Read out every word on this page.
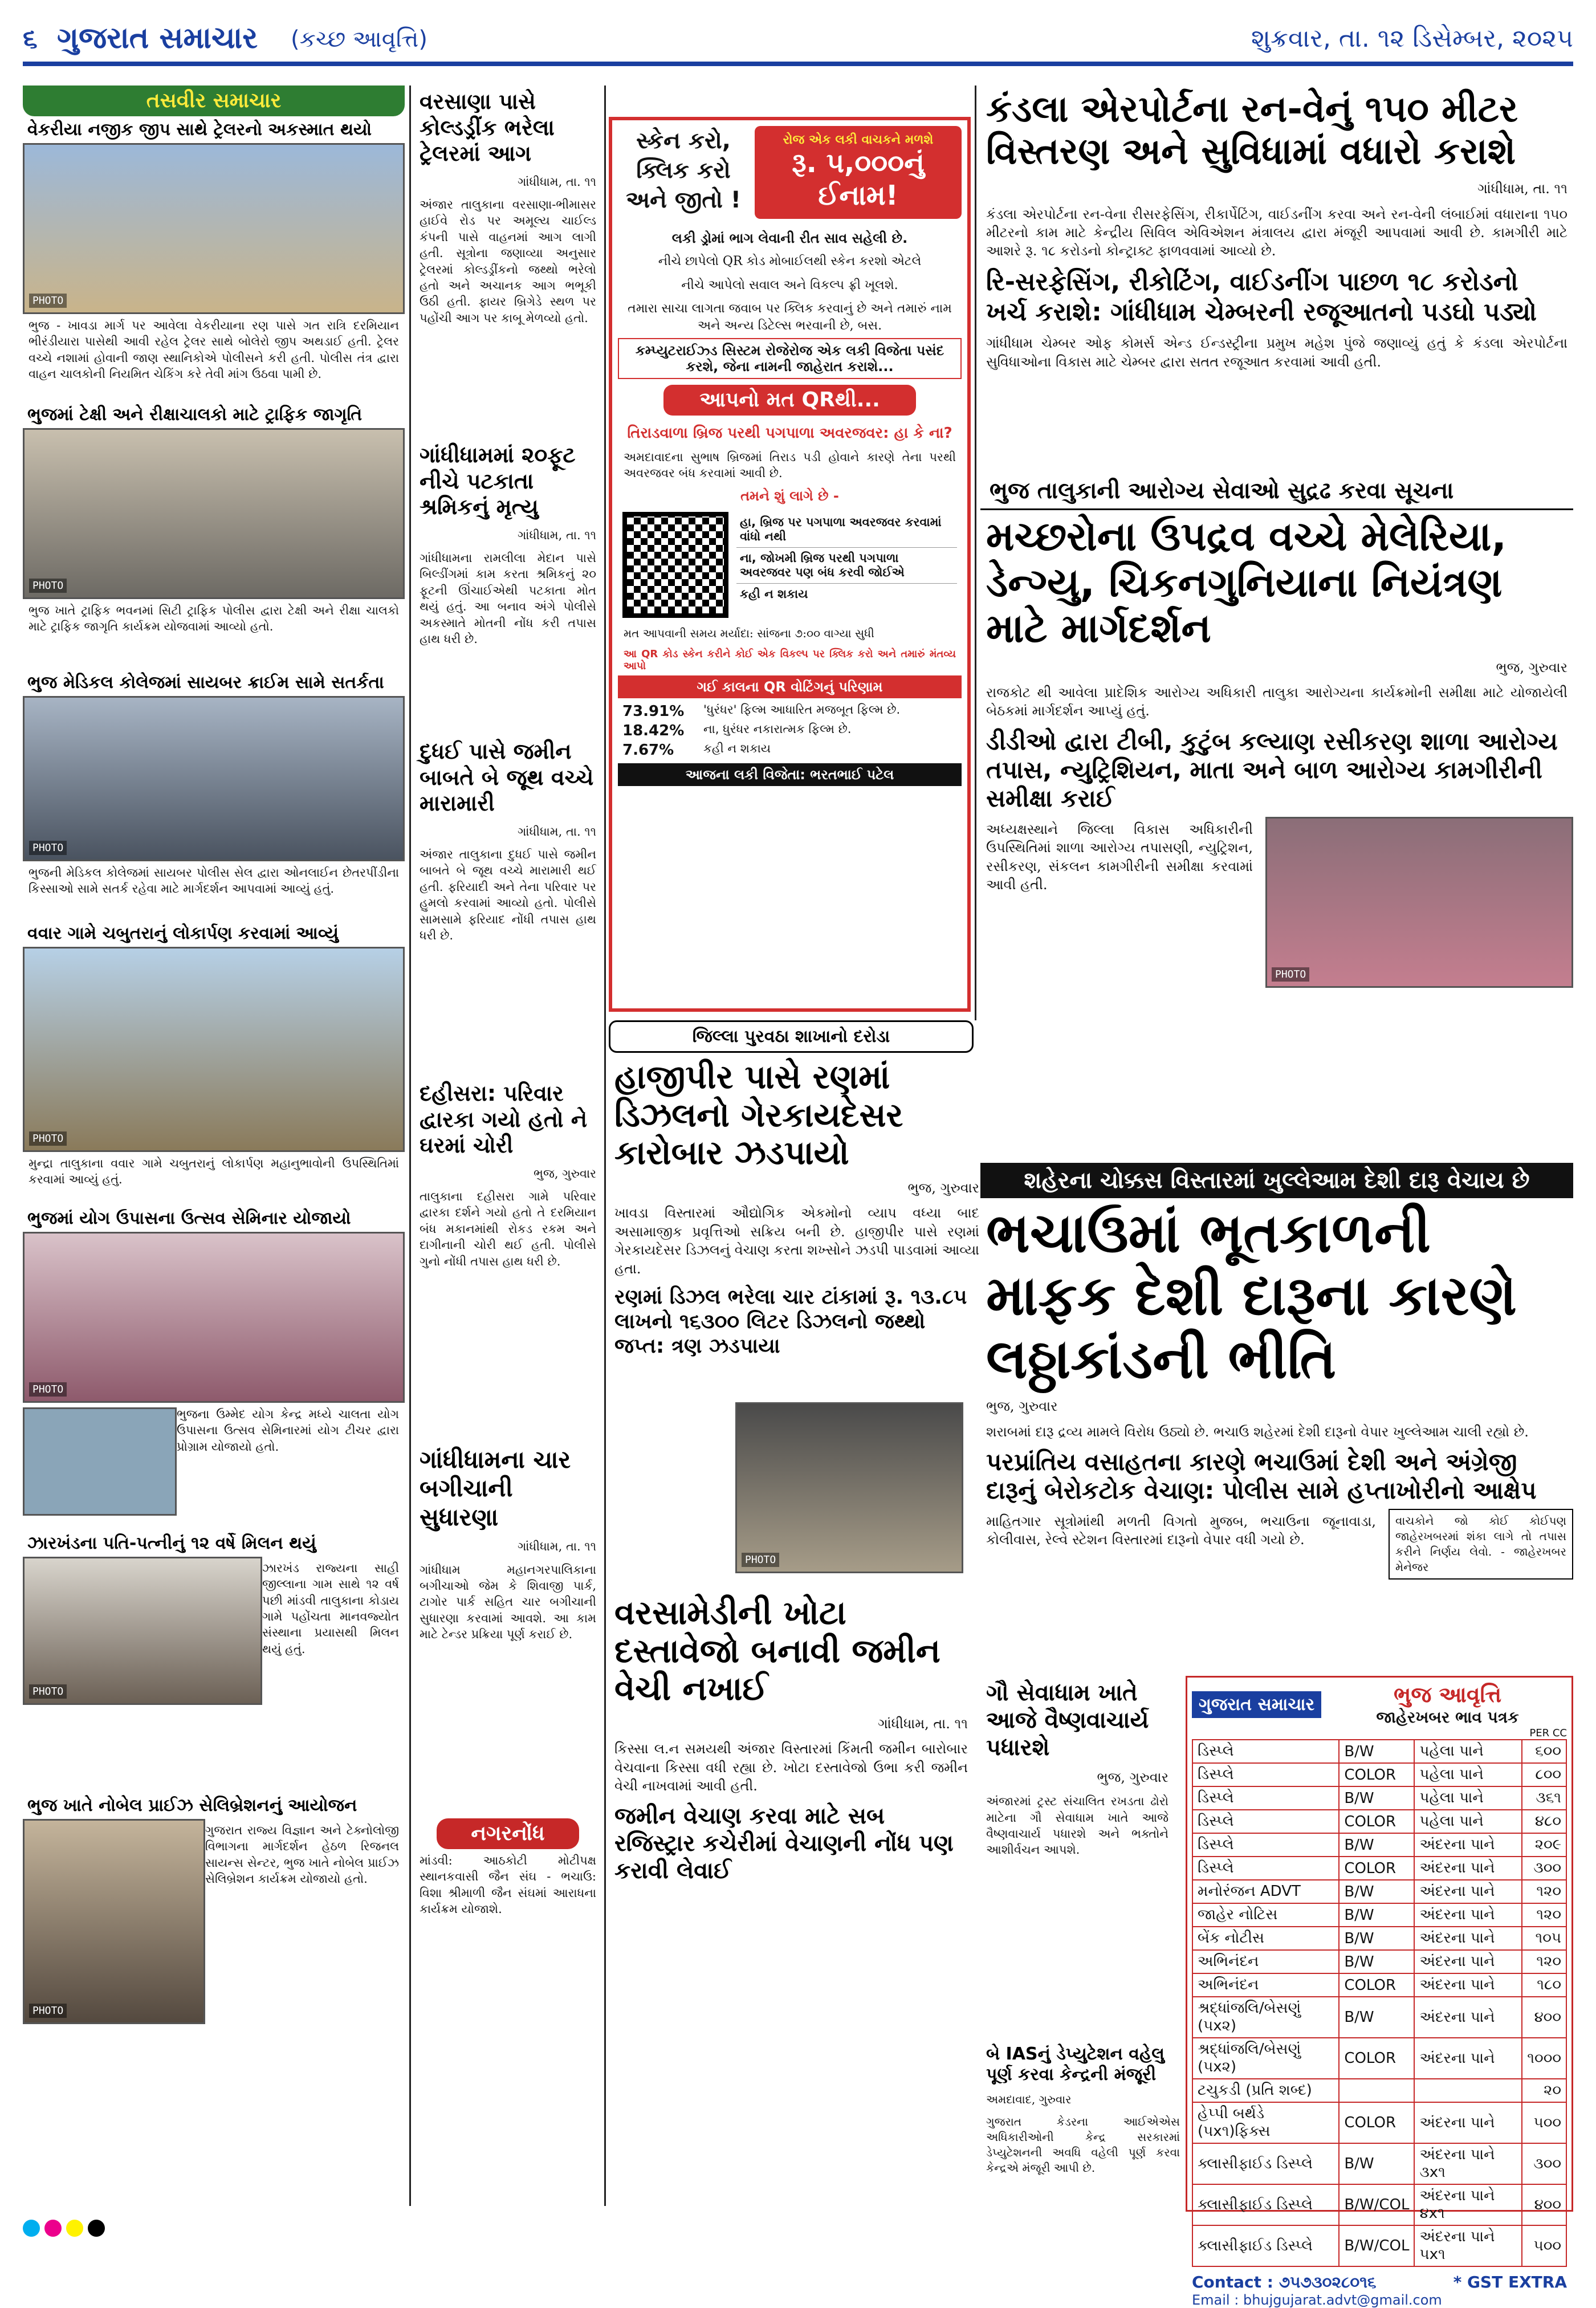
૬ ગુજરાત સમાચાર (કચ્છ આવૃત્તિ)	શુક્રવાર, તા. ૧૨ ડિસેમ્બર, ૨૦૨૫
તસવીર સમાચાર
વેકરીયા નજીક જીપ સાથે ટ્રેલરનો અકસ્માત થયો
PHOTO

ભુજ - ખાવડા માર્ગ પર આવેલા વેકરીયાના રણ પાસે ગત રાત્રિ દરમિયાન ભીરંડીયારા પાસેથી આવી રહેલ ટ્રેલર સાથે બોલેરો જીપ અથડાઈ હતી. ટ્રેલર વચ્ચે નશામાં હોવાની જાણ સ્થાનિકોએ પોલીસને કરી હતી. પોલીસ તંત્ર દ્વારા વાહન ચાલકોની નિયમિત ચેકિંગ કરે તેવી માંગ ઉઠવા પામી છે.

ભુજમાં ટેક્ષી અને રીક્ષાચાલકો માટે ટ્રાફિક જાગૃતિ
PHOTO

ભુજ ખાતે ટ્રાફિક ભવનમાં સિટી ટ્રાફિક પોલીસ દ્વારા ટેક્ષી અને રીક્ષા ચાલકો માટે ટ્રાફિક જાગૃતિ કાર્યક્રમ યોજવામાં આવ્યો હતો.

ભુજ મેડિકલ કોલેજમાં સાયબર ક્રાઈમ સામે સતર્કતા
PHOTO

ભુજની મેડિકલ કોલેજમાં સાયબર પોલીસ સેલ દ્વારા ઓનલાઈન છેતરપીંડીના કિસ્સાઓ સામે સતર્ક રહેવા માટે માર્ગદર્શન આપવામાં આવ્યું હતું.

વવાર ગામે ચબુતરાનું લોકાર્પણ કરવામાં આવ્યું
PHOTO

મુન્દ્રા તાલુકાના વવાર ગામે ચબુતરાનું લોકાર્પણ મહાનુભાવોની ઉપસ્થિતિમાં કરવામાં આવ્યું હતું.

ભુજમાં યોગ ઉપાસના ઉત્સવ સેમિનાર યોજાયો
PHOTO

ભુજના ઉમ્મેદ યોગ કેન્દ્ર મધ્યે ચાલતા યોગ ઉપાસના ઉત્સવ સેમિનારમાં યોગ ટીચર દ્વારા પ્રોગ્રામ યોજાયો હતો.

ઝારખંડના પતિ-પત્નીનું ૧૨ વર્ષે મિલન થયું
PHOTO

ઝારખંડ રાજ્યના સાહી જીલ્લાના ગામ સાથે ૧૨ વર્ષ પછી માંડવી તાલુકાના કોડાય ગામે પહોંચતા માનવજ્યોત સંસ્થાના પ્રયાસથી મિલન થયું હતું.

ભુજ ખાતે નોબેલ પ્રાઈઝ સેલિબ્રેશનનું આયોજન
PHOTO

ગુજરાત રાજ્ય વિજ્ઞાન અને ટેક્નોલોજી વિભાગના માર્ગદર્શન હેઠળ રિજનલ સાયન્સ સેન્ટર, ભુજ ખાતે નોબેલ પ્રાઈઝ સેલિબ્રેશન કાર્યક્રમ યોજાયો હતો.

વરસાણા પાસે કોલ્ડડ્રીંક ભરેલા ટ્રેલરમાં આગ

ગાંધીધામ, તા. ૧૧

અંજાર તાલુકાના વરસાણા-ભીમાસર હાઈવે રોડ પર અમૂલ્ય ચાઈલ્ડ કંપની પાસે વાહનમાં આગ લાગી હતી. સૂત્રોના જણાવ્યા અનુસાર ટ્રેલરમાં કોલ્ડડ્રીંકનો જથ્થો ભરેલો હતો અને અચાનક આગ ભભૂકી ઉઠી હતી. ફાયર બ્રિગેડે સ્થળ પર પહોંચી આગ પર કાબૂ મેળવ્યો હતો.

ગાંધીધામમાં ૨૦ફૂટ નીચે પટકાતા શ્રમિકનું મૃત્યુ

ગાંધીધામ, તા. ૧૧

ગાંધીધામના રામલીલા મેદાન પાસે બિલ્ડીંગમાં કામ કરતા શ્રમિકનું ૨૦ ફૂટની ઊંચાઈએથી પટકાતા મોત થયું હતું. આ બનાવ અંગે પોલીસે અકસ્માતે મોતની નોંધ કરી તપાસ હાથ ધરી છે.

દુધઈ પાસે જમીન બાબતે બે જૂથ વચ્ચે મારામારી

ગાંધીધામ, તા. ૧૧

અંજાર તાલુકાના દુધઈ પાસે જમીન બાબતે બે જૂથ વચ્ચે મારામારી થઈ હતી. ફરિયાદી અને તેના પરિવાર પર હુમલો કરવામાં આવ્યો હતો. પોલીસે સામસામે ફરિયાદ નોંધી તપાસ હાથ ધરી છે.

દહીસરા: પરિવાર દ્વારકા ગયો હતો ને ઘરમાં ચોરી

ભુજ, ગુરુવાર

તાલુકાના દહીસરા ગામે પરિવાર દ્વારકા દર્શને ગયો હતો તે દરમિયાન બંધ મકાનમાંથી રોકડ રકમ અને દાગીનાની ચોરી થઈ હતી. પોલીસે ગુનો નોંધી તપાસ હાથ ધરી છે.

ગાંધીધામના ચાર બગીચાની સુધારણા

ગાંધીધામ, તા. ૧૧

ગાંધીધામ મહાનગરપાલિકાના બગીચાઓ જેમ કે શિવાજી પાર્ક, ટાગોર પાર્ક સહિત ચાર બગીચાની સુધારણા કરવામાં આવશે. આ કામ માટે ટેન્ડર પ્રક્રિયા પૂર્ણ કરાઈ છે.

નગરનોંધ

માંડવી: આઠકોટી મોટીપક્ષ સ્થાનકવાસી જૈન સંઘ - ભચાઉ: વિશા શ્રીમાળી જૈન સંઘમાં આરાધના કાર્યક્રમ યોજાશે.

સ્કેન કરો, ક્લિક કરો અને જીતો !
રોજ એક લકી વાચકને મળશે
રૂ. ૫,૦૦૦નું ઈનામ!

લકી ડ્રોમાં ભાગ લેવાની રીત સાવ સહેલી છે.

નીચે છાપેલો QR કોડ મોબાઈલથી સ્કેન કરશો એટલે

નીચે આપેલો સવાલ અને વિકલ્પ ફ્રી ખૂલશે.

તમારા સાચા લાગતા જવાબ પર ક્લિક કરવાનું છે અને તમારું નામ અને અન્ય ડિટેલ્સ ભરવાની છે, બસ.

કમ્પ્યુટરાઈઝ્ડ સિસ્ટમ રોજેરોજ એક લકી વિજેતા પસંદ કરશે, જેના નામની જાહેરાત કરાશે...

આપનો મત QRથી...

તિરાડવાળા બ્રિજ પરથી પગપાળા અવરજવર: હા કે ના?

અમદાવાદના સુભાષ બ્રિજમાં તિરાડ પડી હોવાને કારણે તેના પરથી અવરજવર બંધ કરવામાં આવી છે.

તમને શું લાગે છે -

હા, બ્રિજ પર પગપાળા અવરજવર કરવામાં વાંધો નથી
ના, જોખમી બ્રિજ પરથી પગપાળા અવરજવર પણ બંધ કરવી જોઈએ
કહી ન શકાય

મત આપવાની સમય મર્યાદા: સાંજના ૭:૦૦ વાગ્યા સુધી

આ QR કોડ સ્કેન કરીને કોઈ એક વિકલ્પ પર ક્લિક કરો અને તમારું મંતવ્ય આપો

ગઈ કાલના QR વોટિંગનું પરિણામ
73.91%	'ધુરંધર' ફિલ્મ આધારિત મજબૂત ફિલ્મ છે.
18.42%	ના, ધુરંધર નકારાત્મક ફિલ્મ છે.
7.67%	કહી ન શકાય
આજના લકી વિજેતા: ભરતભાઈ પટેલ
કંડલા એરપોર્ટના રન-વેનું ૧૫૦ મીટર વિસ્તરણ અને સુવિધામાં વધારો કરાશે

ગાંધીધામ, તા. ૧૧

કંડલા એરપોર્ટના રન-વેના રીસરફેસિંગ, રીકાર્પેટિંગ, વાઈડનીંગ કરવા અને રન-વેની લંબાઈમાં વધારાના ૧૫૦ મીટરનો કામ માટે કેન્દ્રીય સિવિલ એવિએશન મંત્રાલય દ્વારા મંજૂરી આપવામાં આવી છે. કામગીરી માટે આશરે રૂ. ૧૮ કરોડનો કોન્ટ્રાક્ટ ફાળવવામાં આવ્યો છે.

રિ-સરફેસિંગ, રીકોટિંગ, વાઈડનીંગ પાછળ ૧૮ કરોડનો ખર્ચ કરાશે: ગાંધીધામ ચેમ્બરની રજૂઆતનો પડઘો પડ્યો

ગાંધીધામ ચેમ્બર ઓફ કોમર્સ એન્ડ ઈન્ડસ્ટ્રીના પ્રમુખ મહેશ પુંજે જણાવ્યું હતું કે કંડલા એરપોર્ટના સુવિધાઓના વિકાસ માટે ચેમ્બર દ્વારા સતત રજૂઆત કરવામાં આવી હતી.

ભુજ તાલુકાની આરોગ્ય સેવાઓ સુદ્રઢ કરવા સૂચના
મચ્છરોના ઉપદ્રવ વચ્ચે મેલેરિયા, ડેન્ગ્યુ, ચિકનગુનિયાના નિયંત્રણ માટે માર્ગદર્શન

ભુજ, ગુરુવાર

રાજકોટ થી આવેલા પ્રાદેશિક આરોગ્ય અધિકારી તાલુકા આરોગ્યના કાર્યક્રમોની સમીક્ષા માટે યોજાયેલી બેઠકમાં માર્ગદર્શન આપ્યું હતું.

ડીડીઓ દ્વારા ટીબી, કુટુંબ કલ્યાણ રસીકરણ શાળા આરોગ્ય તપાસ, ન્યુટ્રિશિયન, માતા અને બાળ આરોગ્ય કામગીરીની સમીક્ષા કરાઈ

અધ્યક્ષસ્થાને જિલ્લા વિકાસ અધિકારીની ઉપસ્થિતિમાં શાળા આરોગ્ય તપાસણી, ન્યુટ્રિશન, રસીકરણ, સંકલન કામગીરીની સમીક્ષા કરવામાં આવી હતી.

PHOTO
જિલ્લા પુરવઠા શાખાનો દરોડા
હાજીપીર પાસે રણમાં ડિઝલનો ગેરકાયદેસર કારોબાર ઝડપાયો

ભુજ, ગુરુવાર

ખાવડા વિસ્તારમાં ઔદ્યોગિક એકમોનો વ્યાપ વધ્યા બાદ અસામાજીક પ્રવૃત્તિઓ સક્રિય બની છે. હાજીપીર પાસે રણમાં ગેરકાયદેસર ડિઝલનું વેચાણ કરતા શખ્સોને ઝડપી પાડવામાં આવ્યા હતા.

રણમાં ડિઝલ ભરેલા ચાર ટાંકામાં રૂ. ૧૩.૮૫ લાખનો ૧૬૩૦૦ લિટર ડિઝલનો જથ્થો જપ્ત: ત્રણ ઝડપાયા
PHOTO
વરસામેડીની ખોટા દસ્તાવેજો બનાવી જમીન વેચી નખાઈ

ગાંધીધામ, તા. ૧૧

કિસ્સા લ.ન સમયથી અંજાર વિસ્તારમાં કિંમતી જમીન બારોબાર વેચવાના કિસ્સા વધી રહ્યા છે. ખોટા દસ્તાવેજો ઉભા કરી જમીન વેચી નાખવામાં આવી હતી.

જમીન વેચાણ કરવા માટે સબ રજિસ્ટ્રાર કચેરીમાં વેચાણની નોંધ પણ કરાવી લેવાઈ
શહેરના ચોક્કસ વિસ્તારમાં ખુલ્લેઆમ દેશી દારૂ વેચાય છે
ભચાઉમાં ભૂતકાળની માફક દેશી દારૂના કારણે લઠ્ઠાકાંડની ભીતિ

ભુજ, ગુરુવાર

શરાબમાં દારૂ દ્રવ્ય મામલે વિરોધ ઉઠ્યો છે. ભચાઉ શહેરમાં દેશી દારૂનો વેપાર ખુલ્લેઆમ ચાલી રહ્યો છે.

પરપ્રાંતિય વસાહતના કારણે ભચાઉમાં દેશી અને અંગ્રેજી દારૂનું બેરોકટોક વેચાણ: પોલીસ સામે હપ્તાખોરીનો આક્ષેપ

માહિતગાર સૂત્રોમાંથી મળતી વિગતો મુજબ, ભચાઉના જૂનાવાડા, કોલીવાસ, રેલ્વે સ્ટેશન વિસ્તારમાં દારૂનો વેપાર વધી ગયો છે.

વાચકોને જો કોઈ કોઈપણ જાહેરખબરમાં શંકા લાગે તો તપાસ કરીને નિર્ણય લેવો. - જાહેરખબર મેનેજર

ગૌ સેવાધામ ખાતે આજે વૈષ્ણવાચાર્ય પધારશે

ભુજ, ગુરુવાર

અંજારમાં ટ્રસ્ટ સંચાલિત રખડતા ઢોરો માટેના ગૌ સેવાધામ ખાતે આજે વૈષ્ણવાચાર્ય પધારશે અને ભક્તોને આશીર્વચન આપશે.

બે IASનું ડેપ્યુટેશન વહેલુ પૂર્ણ કરવા કેન્દ્રની મંજૂરી

અમદાવાદ, ગુરુવાર

ગુજરાત કેડરના આઈએએસ અધિકારીઓની કેન્દ્ર સરકારમાં ડેપ્યુટેશનની અવધિ વહેલી પૂર્ણ કરવા કેન્દ્રએ મંજૂરી આપી છે.

ગુજરાત સમાચાર	ભુજ આવૃત્તિ
જાહેરખબર ભાવ પત્રક
PER CC
ડિસ્પ્લે	B/W	પહેલા પાને	૬૦૦
ડિસ્પ્લે	COLOR	પહેલા પાને	૮૦૦
ડિસ્પ્લે	B/W	પહેલા પાને	૩૬૧
ડિસ્પ્લે	COLOR	પહેલા પાને	૪૮૦
ડિસ્પ્લે	B/W	અંદરના પાને	૨૦૯
ડિસ્પ્લે	COLOR	અંદરના પાને	૩૦૦
મનોરંજન ADVT	B/W	અંદરના પાને	૧૨૦
જાહેર નોટિસ	B/W	અંદરના પાને	૧૨૦
બેંક નોટીસ	B/W	અંદરના પાને	૧૦૫
અભિનંદન	B/W	અંદરના પાને	૧૨૦
અભિનંદન	COLOR	અંદરના પાને	૧૮૦
શ્રદ્ધાંજલિ/બેસણું (૫x૨)	B/W	અંદરના પાને	૪૦૦
શ્રદ્ધાંજલિ/બેસણું (૫x૨)	COLOR	અંદરના પાને	૧૦૦૦
ટચુકડી (પ્રતિ શબ્દ)			૨૦
હેપ્પી બર્થડે (૫x૧)ફિક્સ	COLOR	અંદરના પાને	૫૦૦
ક્લાસીફાઈડ ડિસ્પ્લે	B/W	અંદરના પાને ૩x૧	૩૦૦
ક્લાસીફાઈડ ડિસ્પ્લે	B/W/COL	અંદરના પાને ૪x૧	૪૦૦
ક્લાસીફાઈડ ડિસ્પ્લે	B/W/COL	અંદરના પાને ૫x૧	૫૦૦
Contact : ૭૫૭૩૦૨૮૦૧૬	* GST EXTRA
Email : bhujgujarat.advt@gmail.com
